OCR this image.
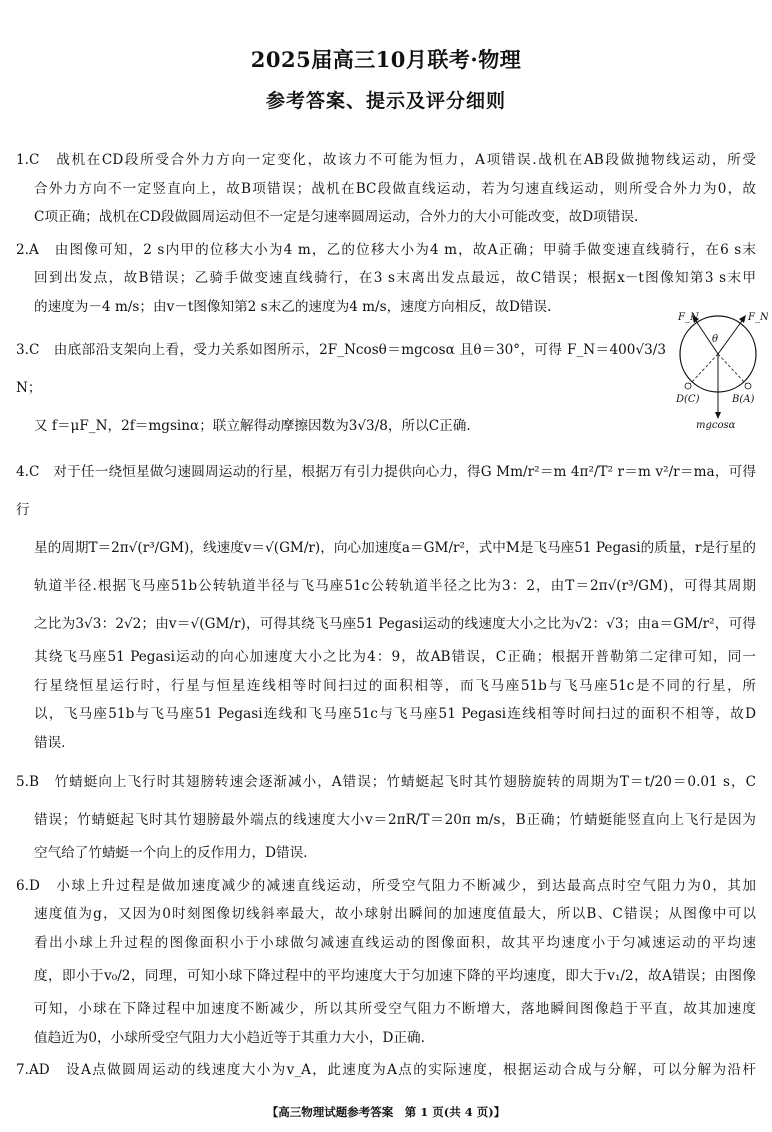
2025届高三10月联考·物理
参考答案、提示及评分细则
1.C　战机在CD段所受合外力方向一定变化，故该力不可能为恒力，A项错误.战机在AB段做抛物线运动，所受
合外力方向不一定竖直向上，故B项错误；战机在BC段做直线运动，若为匀速直线运动，则所受合外力为0，故
C项正确；战机在CD段做圆周运动但不一定是匀速率圆周运动，合外力的大小可能改变，故D项错误.
2.A　由图像可知，2 s内甲的位移大小为4 m，乙的位移大小为4 m，故A正确；甲骑手做变速直线骑行，在6 s末
回到出发点，故B错误；乙骑手做变速直线骑行，在3 s末离出发点最远，故C错误；根据x－t图像知第3 s末甲
的速度为－4 m/s；由v－t图像知第2 s末乙的速度为4 m/s，速度方向相反，故D错误.
3.C　由底部沿支架向上看，受力关系如图所示，2F_Ncosθ＝mgcosα 且θ＝30°，可得 F_N＝400√3/3 N；
又 f＝μF_N，2f＝mgsinα；联立解得动摩擦因数为3√3/8，所以C正确.
4.C　对于任一绕恒星做匀速圆周运动的行星，根据万有引力提供向心力，得G Mm/r²＝m 4π²/T² r＝m v²/r＝ma，可得行
星的周期T＝2π√(r³/GM)，线速度v＝√(GM/r)，向心加速度a＝GM/r²，式中M是飞马座51 Pegasi的质量，r是行星的
轨道半径.根据飞马座51b公转轨道半径与飞马座51c公转轨道半径之比为3：2，由T＝2π√(r³/GM)，可得其周期
之比为3√3：2√2；由v＝√(GM/r)，可得其绕飞马座51 Pegasi运动的线速度大小之比为√2：√3；由a＝GM/r²，可得
其绕飞马座51 Pegasi运动的向心加速度大小之比为4：9，故AB错误，C正确；根据开普勒第二定律可知，同一
行星绕恒星运行时，行星与恒星连线相等时间扫过的面积相等，而飞马座51b与飞马座51c是不同的行星，所
以，飞马座51b与飞马座51 Pegasi连线和飞马座51c与飞马座51 Pegasi连线相等时间扫过的面积不相等，故D
错误.
5.B　竹蜻蜓向上飞行时其翅膀转速会逐渐减小，A错误；竹蜻蜓起飞时其竹翅膀旋转的周期为T＝t/20＝0.01 s，C
错误；竹蜻蜓起飞时其竹翅膀最外端点的线速度大小v＝2πR/T＝20π m/s，B正确；竹蜻蜓能竖直向上飞行是因为
空气给了竹蜻蜓一个向上的反作用力，D错误.
6.D　小球上升过程是做加速度减少的减速直线运动，所受空气阻力不断减少，到达最高点时空气阻力为0，其加
速度值为g，又因为0时刻图像切线斜率最大，故小球射出瞬间的加速度值最大，所以B、C错误；从图像中可以
看出小球上升过程的图像面积小于小球做匀减速直线运动的图像面积，故其平均速度小于匀减速运动的平均速
度，即小于v₀/2，同理，可知小球下降过程中的平均速度大于匀加速下降的平均速度，即大于v₁/2，故A错误；由图像
可知，小球在下降过程中加速度不断减少，所以其所受空气阻力不断增大，落地瞬间图像趋于平直，故其加速度
值趋近为0，小球所受空气阻力大小趋近等于其重力大小，D正确.
7.AD　设A点做圆周运动的线速度大小为v_A，此速度为A点的实际速度，根据运动合成与分解，可以分解为沿杆
F_N	F_N
θ
D(C)	B(A)
mgcosα
【高三物理试题参考答案　第 1 页(共 4 页)】
